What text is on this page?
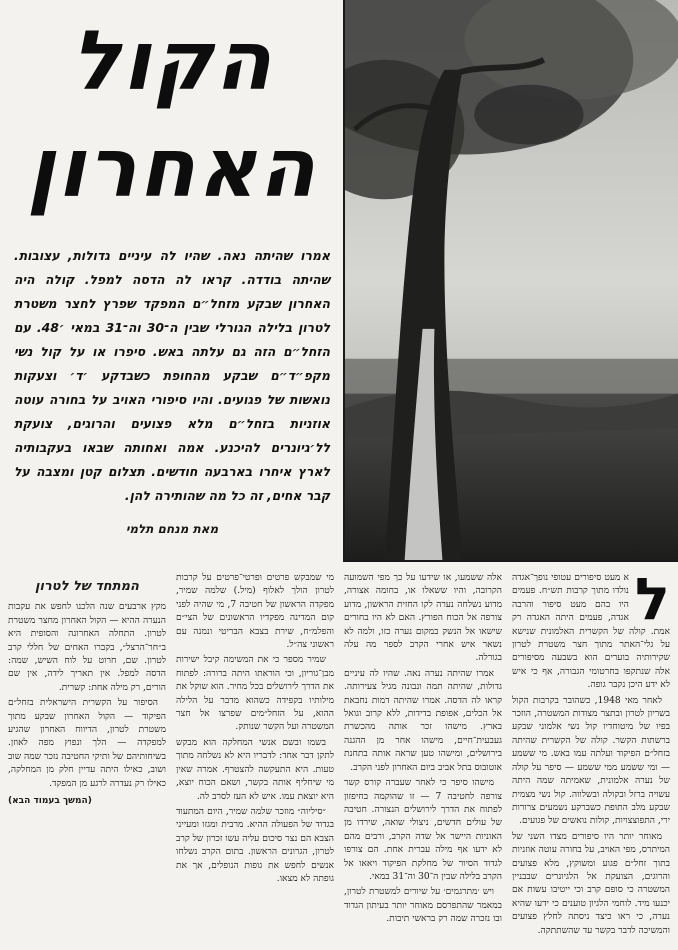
הקול
האחרון

אמרו שהיתה נאה. שהיו לה עיניים גדולות, עצובות. שהיתה בודדה. קראו לה הדסה למפל. קולה היה האחרון שבקע מזחל״ם המפקד שפרץ לחצר משטרת לטרון בלילה הגורלי שבין ה־30 וה־31 במאי ׳48. עם הזחל״ם הזה גם עלתה באש. סיפרו או על קול נשי מקפ״ד״ם שבקע מהחופת כשבדקע ׳ד׳ וצעקות נואשות של פגועים. והיו סיפורי האויב על בחורה עוטה אוזניות בזחל״ם מלא פצועים והרוגים, צועקת לל׳גיונרים להיכנע. אמה ואחותה שבאו בעקבותיה לארץ איחרו בארבעה חודשים. תצלום קטן ומצבה על קבר אחים, זה כל מה שהותירה להן.

מאת מנחם תלמי

ל

א מעט סיפורים עטופי נופך־אגדה נולדו מתוך קרבות תש״ח. פעמים היו בהם מעט סיפור והרבה אגדה, פעמים היתה האגדה רק אמת. קולה של הקשרית האלמונית שנישא על גלי־האתר מתוך חצר משטרת לטרון שקירותיה בוערים הוא בשבעה מסיפורים אלה שנתקפו בחרטומי הגבורה, אף כי איש לא ידע היכן נקבר גופה.

לאחר מאי 1948, כשהובר בקרבות הקול בשריון לטרון ובתצר מצודות המשטרה, הוזכר בפיו של מיטוחדיו קול נשי אלמוני שבקע ברשתות הקשר. קולה של הקשרית שהיתה בזחל״ם הפיקוד ועלתה עמו באש. מי ששמע — ומי ששמע ממי ששמע — סיפר על קולה של נערה אלמונית, שאמיתה שמה היתה עשויה ברזל ובקולה ובשלווה. קול נשי מצמית שבקע מלב התופת כשברקע נשמעים צרורות ירי, התפוצצויות, קולות נואשים של פגועים.

מאוחר יותר היו סיפורים מצדו השני של המיתרס, מפי האויב, על בחורה עוטה אוזניות בתוך זחל״ם פגוע ומשוקץ, מלא פצועים והרוגים, הצועקת אל הלגיונרים שבבניין המשטרה כי סופם קרב וכי ייטיבו עשות אם יכנעו מיד. לוחמי הלגיון טוענים כי ידעו שהיא נערה, כי ראו כיצד ניסתה לחלץ פצועים והמשיכה לדבר בקשר עד שהשתתקה.

אלה ששמעו, או שידעו על כך מפי השמועה הקרובה, והיו ששאלו או, בחומה אצורה, מדוע נשלחה נערה לקו החזית הראשון, מדוע צורפה אל הכוח הפורץ. האם לא היו בחורים שישאו אל הנשק במקום נערה כזו, ולמה לא נשאר איש אחרי הקרב לספר מה עלה בגורלה.

אמרו שהיתה נערה נאה. שהיו לה עיניים גדולות, שהיתה תמה ונבונה מגיל צעירותה. קראו לה הדסה. אמרו שהיתה דמות נחבאת אל הכלים, אפופת בדידות, ללא קרוב וגואל בארץ. מישהו זכר אותה מהכשרת געבעית־חיים, מישהו אחר מן ההגנה בירושלים, ומישהו טען שראה אותה בתחנת אוטובוס בתל אביב ביום האחרון לפני הקרב.

מישהו סיפר כי לאחר שעברה קורס קשר צורפה לחטיבה 7 — זו שהוקמה בחיפזון לפתוח את הדרך לירושלים הנצורה. חטיבה של עולים חדשים, ניצולי שואה, שירדו מן האוניות היישר אל שדה הקרב, ורבים מהם לא ידעו אף מילה עברית אחת. הם צורפו לגדוד הסיור של מחלקת הפיקוד ויאאו אל הקרב בלילה שבין ה־30 וה־31 במאי.

ויש ׳מתרגמים׳ על שיורים למשטרת לטרון, במאמר שהתפרסם מאוחר יותר בעיתון הגדוד ובו נזכרה שמה רק בראשי תיבות.

מי שמבקש פרטים ופרטי־פרטים על קרבות לטרון הולך לאלוף (מיל.) שלמה שמיר, מפקדה הראשון של חטיבה 7, מי שהיה לפני קום המדינה מפקדיו הראשונים של הצי״ם והפלמ״ח, שירת בצבא הבריטי ונמנה עם ראשוני צה״ל.

שמיר מספר כי את המשימה קיבל ישירות מבן־גוריון, וכי הוראתו היתה ברורה: לפתוח את הדרך לירושלים בכל מחיר. הוא שוקל את מילותיו בקפידה כשהוא מדבר על הלילה ההוא, על הזחל״מים שפרצו אל חצר המשטרה ועל הקשר שנותק.

בשמו ובשם אנשי המחלקה הוא מבקש לתקן דבר אחד: לדבריו היא לא נשלחה מתוך טעות. היא התעקשה להצטרף. אמרה שאין מי שיחליף אותה בקשר, ושאם הכוח יוצא, היא יוצאת עמו. איש לא העז לסרב לה.

״סיליוה״ מוזכר שלמה שמיר, היום המתעוד בגדוד של הפעולה ההיא. מרבית ומגזו ומעייני הצבא הם נצר סיכום עליה עשו זכרון של קרב לטרון, הגרונים הראשון. בתום הקרב נשלחו אנשים לחפש את גופות הנופלים, אך את גופתה לא מצאו.

המתחד של לטרון

מקץ ארבעים שנה הלכנו לחפש את עקבות הנערה ההיא — הקול האחרון מחצר משטרת לטרון. התחלה האחרונה והסופית היא ב״חר־הרצל״, בקברו האחים של חללי קרב לטרון. שם, חרוט על לוח השיש, שמה: הדסה למפל. אין תאריך לידה, אין שם הורים, רק מילה אחת: קשרית.

הסיפור על הקשרית הישראלית בזחל״ם הפיקוד — הקול האחרון שבקע מתוך משטרת לטרון, הדיווח האחרון שהגיע למפקדה — הלך ונפוץ מפה לאוזן. בשיחותיהם של ותיקי החטיבה נזכר שמה שוב ושוב, כאילו היתה עדיין חלק מן המחלקה, כאילו רק נעדרה לרגע מן המפקד.

(המשך בעמוד הבא)
